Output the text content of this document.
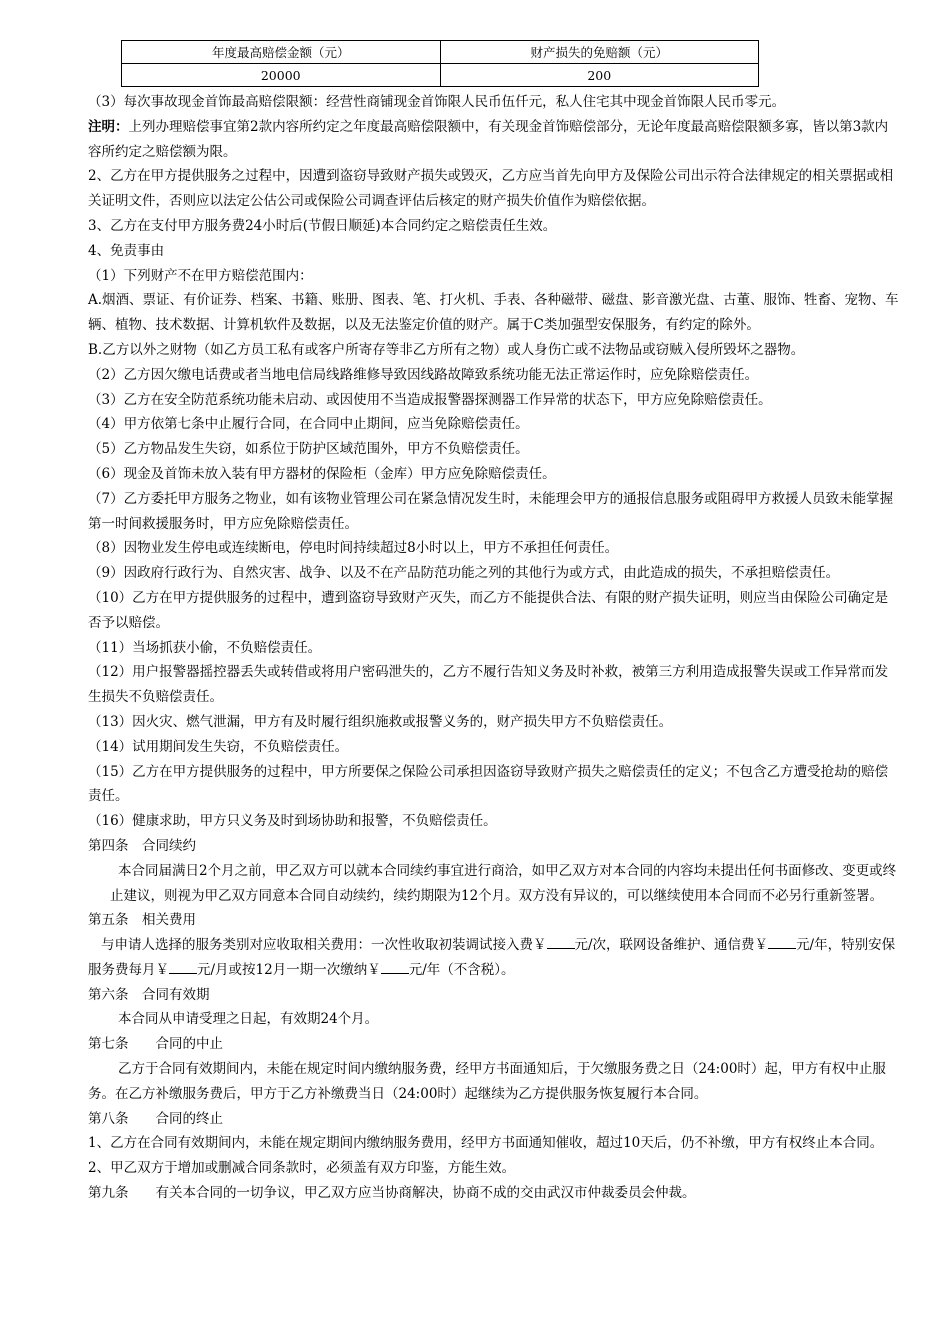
年度最高赔偿金额（元）	财产损失的免赔额（元）
20000	200

（3）每次事故现金首饰最高赔偿限额：经营性商铺现金首饰限人民币伍仟元，私人住宅其中现金首饰限人民币零元。

注明：上列办理赔偿事宜第2款内容所约定之年度最高赔偿限额中，有关现金首饰赔偿部分，无论年度最高赔偿限额多寡，皆以第3款内容所约定之赔偿额为限。

2、乙方在甲方提供服务之过程中，因遭到盗窃导致财产损失或毁灭，乙方应当首先向甲方及保险公司出示符合法律规定的相关票据或相关证明文件，否则应以法定公估公司或保险公司调查评估后核定的财产损失价值作为赔偿依据。

3、乙方在支付甲方服务费24小时后(节假日顺延)本合同约定之赔偿责任生效。

4、免责事由

（1）下列财产不在甲方赔偿范围内：

A.烟酒、票证、有价证券、档案、书籍、账册、图表、笔、打火机、手表、各种磁带、磁盘、影音激光盘、古董、服饰、牲畜、宠物、车辆、植物、技术数据、计算机软件及数据，以及无法鉴定价值的财产。属于C类加强型安保服务，有约定的除外。

B.乙方以外之财物（如乙方员工私有或客户所寄存等非乙方所有之物）或人身伤亡或不法物品或窃贼入侵所毁坏之器物。

（2）乙方因欠缴电话费或者当地电信局线路维修导致因线路故障致系统功能无法正常运作时，应免除赔偿责任。

（3）乙方在安全防范系统功能未启动、或因使用不当造成报警器探测器工作异常的状态下，甲方应免除赔偿责任。

（4）甲方依第七条中止履行合同，在合同中止期间，应当免除赔偿责任。

（5）乙方物品发生失窃，如系位于防护区域范围外，甲方不负赔偿责任。

（6）现金及首饰未放入装有甲方器材的保险柜（金库）甲方应免除赔偿责任。

（7）乙方委托甲方服务之物业，如有该物业管理公司在紧急情况发生时，未能理会甲方的通报信息服务或阻碍甲方救援人员致未能掌握第一时间救援服务时，甲方应免除赔偿责任。

（8）因物业发生停电或连续断电，停电时间持续超过8小时以上，甲方不承担任何责任。

（9）因政府行政行为、自然灾害、战争、以及不在产品防范功能之列的其他行为或方式，由此造成的损失，不承担赔偿责任。

（10）乙方在甲方提供服务的过程中，遭到盗窃导致财产灭失，而乙方不能提供合法、有限的财产损失证明，则应当由保险公司确定是否予以赔偿。

（11）当场抓获小偷，不负赔偿责任。

（12）用户报警器摇控器丢失或转借或将用户密码泄失的，乙方不履行告知义务及时补救，被第三方利用造成报警失误或工作异常而发生损失不负赔偿责任。

（13）因火灾、燃气泄漏，甲方有及时履行组织施救或报警义务的，财产损失甲方不负赔偿责任。

（14）试用期间发生失窃，不负赔偿责任。

（15）乙方在甲方提供服务的过程中，甲方所要保之保险公司承担因盗窃导致财产损失之赔偿责任的定义；不包含乙方遭受抢劫的赔偿责任。

（16）健康求助，甲方只义务及时到场协助和报警，不负赔偿责任。

第四条　合同续约

本合同届满日2个月之前，甲乙双方可以就本合同续约事宜进行商洽，如甲乙双方对本合同的内容均未提出任何书面修改、变更或终止建议，则视为甲乙双方同意本合同自动续约，续约期限为12个月。双方没有异议的，可以继续使用本合同而不必另行重新签署。

第五条　相关费用

与申请人选择的服务类别对应收取相关费用：一次性收取初装调试接入费￥ 元/次，联网设备维护、通信费￥ 元/年，特别安保服务费每月￥ 元/月或按12月一期一次缴纳￥ 元/年（不含税）。

第六条　合同有效期

本合同从申请受理之日起，有效期24个月。

第七条　　合同的中止

乙方于合同有效期间内，未能在规定时间内缴纳服务费，经甲方书面通知后，于欠缴服务费之日（24:00时）起，甲方有权中止服务。在乙方补缴服务费后，甲方于乙方补缴费当日（24:00时）起继续为乙方提供服务恢复履行本合同。

第八条　　合同的终止

1、乙方在合同有效期间内，未能在规定期间内缴纳服务费用，经甲方书面通知催收，超过10天后，仍不补缴，甲方有权终止本合同。

2、甲乙双方于增加或删减合同条款时，必须盖有双方印鉴，方能生效。

第九条　　有关本合同的一切争议，甲乙双方应当协商解决，协商不成的交由武汉市仲裁委员会仲裁。
